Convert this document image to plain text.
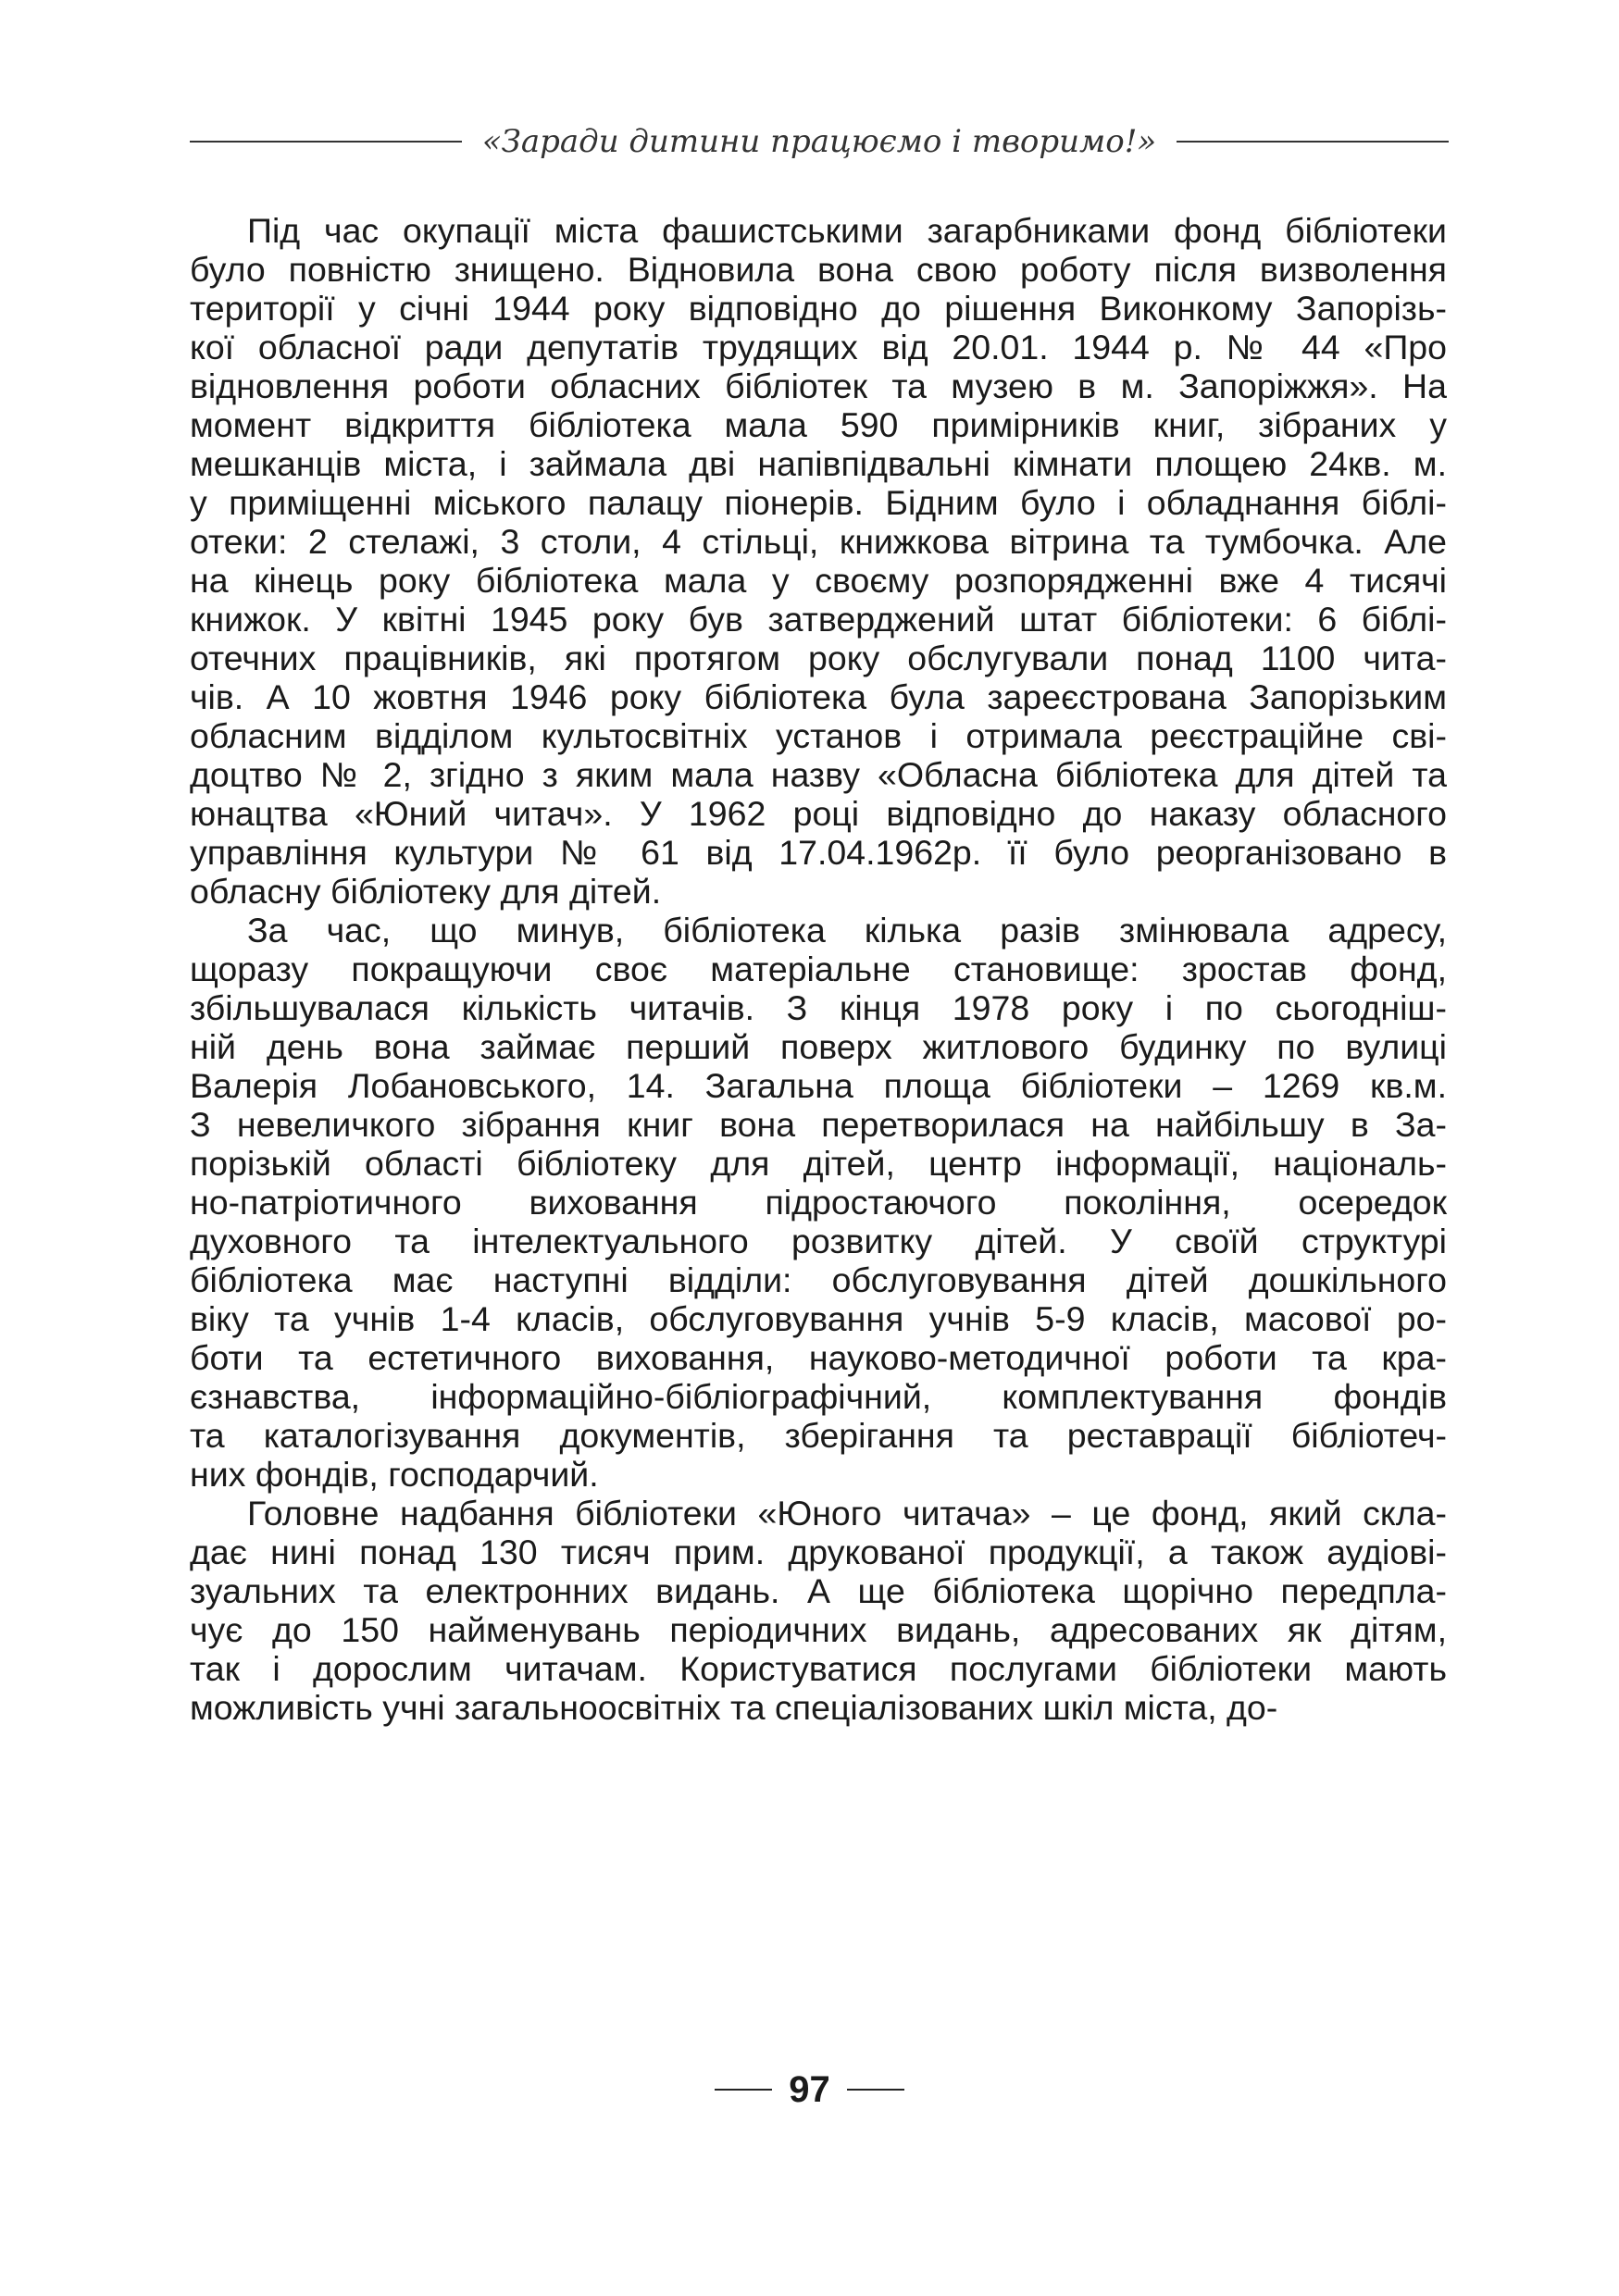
«Заради дитини працюємо і творимо!»
Під час окупації міста фашистськими загарбниками фонд бібліотеки
було повністю знищено. Відновила вона свою роботу після визволення
території у січні 1944 року відповідно до рішення Виконкому Запорізь-
кої обласної ради депутатів трудящих від 20.01. 1944 р. № 44 «Про
відновлення роботи обласних бібліотек та музею в м. Запоріжжя». На
момент відкриття бібліотека мала 590 примірників книг, зібраних у
мешканців міста, і займала дві напівпідвальні кімнати площею 24кв. м.
у приміщенні міського палацу піонерів. Бідним було і обладнання біблі-
отеки: 2 стелажі, 3 столи, 4 стільці, книжкова вітрина та тумбочка. Але
на кінець року бібліотека мала у своєму розпорядженні вже 4 тисячі
книжок. У квітні 1945 року був затверджений штат бібліотеки: 6 біблі-
отечних працівників, які протягом року обслугували понад 1100 чита-
чів. А 10 жовтня 1946 року бібліотека була зареєстрована Запорізьким
обласним відділом культосвітніх установ і отримала реєстраційне сві-
доцтво № 2, згідно з яким мала назву «Обласна бібліотека для дітей та
юнацтва «Юний читач». У 1962 році відповідно до наказу обласного
управління культури № 61 від 17.04.1962р. її було реорганізовано в
обласну бібліотеку для дітей.
За час, що минув, бібліотека кілька разів змінювала адресу,
щоразу покращуючи своє матеріальне становище: зростав фонд,
збільшувалася кількість читачів. З кінця 1978 року і по сьогодніш-
ній день вона займає перший поверх житлового будинку по вулиці
Валерія Лобановського, 14. Загальна площа бібліотеки – 1269 кв.м.
З невеличкого зібрання книг вона перетворилася на найбільшу в За-
порізькій області бібліотеку для дітей, центр інформації, національ-
но-патріотичного виховання підростаючого покоління, осередок
духовного та інтелектуального розвитку дітей. У своїй структурі
бібліотека має наступні відділи: обслуговування дітей дошкільного
віку та учнів 1-4 класів, обслуговування учнів 5-9 класів, масової ро-
боти та естетичного виховання, науково-методичної роботи та кра-
єзнавства, інформаційно-бібліографічний, комплектування фондів
та каталогізування документів, зберігання та реставрації бібліотеч-
них фондів, господарчий.
Головне надбання бібліотеки «Юного читача» – це фонд, який скла-
дає нині понад 130 тисяч прим. друкованої продукції, а також аудіові-
зуальних та електронних видань. А ще бібліотека щорічно передпла-
чує до 150 найменувань періодичних видань, адресованих як дітям,
так і дорослим читачам. Користуватися послугами бібліотеки мають
можливість учні загальноосвітніх та спеціалізованих шкіл міста, до-
97
